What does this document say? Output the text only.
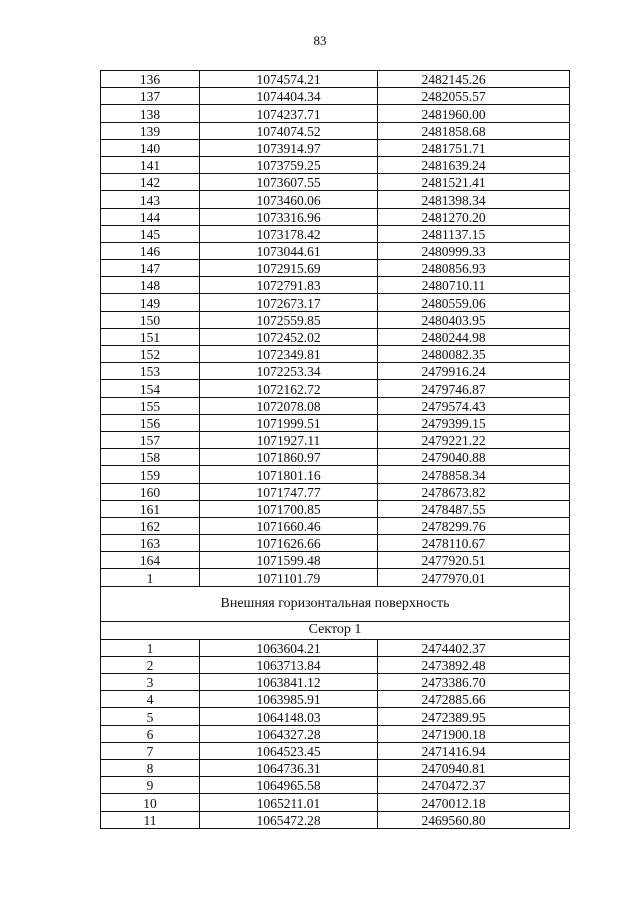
83
136	1074574.21	2482145.26
137	1074404.34	2482055.57
138	1074237.71	2481960.00
139	1074074.52	2481858.68
140	1073914.97	2481751.71
141	1073759.25	2481639.24
142	1073607.55	2481521.41
143	1073460.06	2481398.34
144	1073316.96	2481270.20
145	1073178.42	2481137.15
146	1073044.61	2480999.33
147	1072915.69	2480856.93
148	1072791.83	2480710.11
149	1072673.17	2480559.06
150	1072559.85	2480403.95
151	1072452.02	2480244.98
152	1072349.81	2480082.35
153	1072253.34	2479916.24
154	1072162.72	2479746.87
155	1072078.08	2479574.43
156	1071999.51	2479399.15
157	1071927.11	2479221.22
158	1071860.97	2479040.88
159	1071801.16	2478858.34
160	1071747.77	2478673.82
161	1071700.85	2478487.55
162	1071660.46	2478299.76
163	1071626.66	2478110.67
164	1071599.48	2477920.51
1	1071101.79	2477970.01
Внешняя горизонтальная поверхность		
Сектор 1		
1	1063604.21	2474402.37
2	1063713.84	2473892.48
3	1063841.12	2473386.70
4	1063985.91	2472885.66
5	1064148.03	2472389.95
6	1064327.28	2471900.18
7	1064523.45	2471416.94
8	1064736.31	2470940.81
9	1064965.58	2470472.37
10	1065211.01	2470012.18
11	1065472.28	2469560.80
